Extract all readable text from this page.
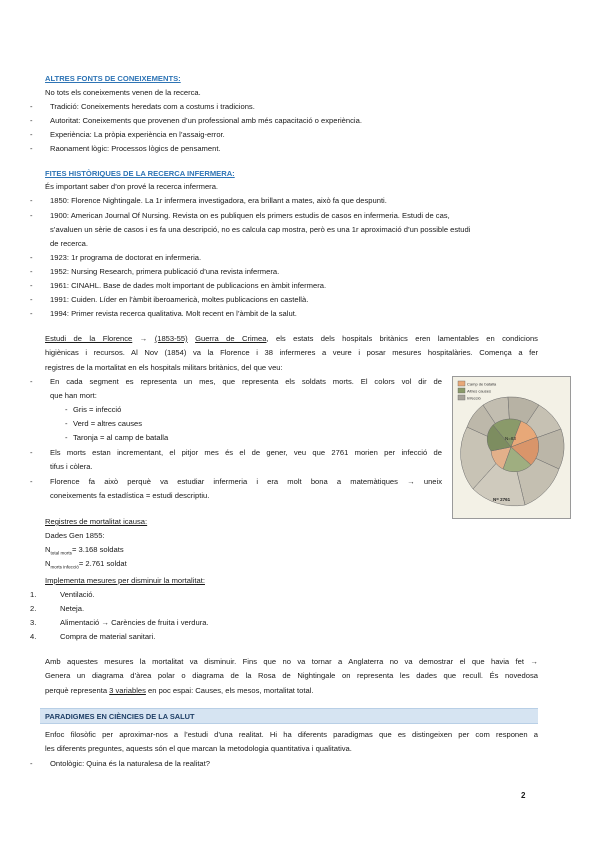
ALTRES FONTS DE CONEIXEMENTS:
No tots els coneixements venen de la recerca.
- Tradició: Coneixements heredats com a costums i tradicions.
- Autoritat: Coneixements que provenen d’un professional amb més capacitació o experiència.
- Experiència: La pròpia experiència en l’assaig-error.
- Raonament lògic: Processos lògics de pensament.
FITES HISTÒRIQUES DE LA RECERCA INFERMERA:
És important saber d’on prové la recerca infermera.
- 1850: Florence Nightingale. La 1r infermera investigadora, era brillant a mates, això fa que despunti.
- 1900: American Journal Of Nursing. Revista on es publiquen els primers estudis de casos en infermeria. Estudi de cas,
s’avaluen un sèrie de casos i es fa una descripció, no es calcula cap mostra, però es una 1r aproximació d’un possible estudi
de recerca.
- 1923: 1r programa de doctorat en infermeria.
- 1952: Nursing Research, primera publicació d’una revista infermera.
- 1961: CINAHL. Base de dades molt important de publicacions en àmbit infermera.
- 1991: Cuiden. Líder en l’àmbit iberoamericà, moltes publicacions en castellà.
- 1994: Primer revista recerca qualitativa. Molt recent en l’àmbit de la salut.

Estudi de la Florence → (1853-55) Guerra de Crimea, els estats dels hospitals britànics eren lamentables en condicions

higiènicas i recursos. Al Nov (1854) va la Florence i 38 infermeres a veure i posar mesures hospitalàries. Comença a fer

registres de la mortalitat en els hospitals militars britànics, del que veu:

- En cada segment es representa un mes, que representa els soldats morts. El colors vol dir de

que han mort:

- Gris = infecció
- Verd = altres causes
- Taronja = al camp de batalla
- Els morts estan incrementant, el pitjor mes és el de gener, veu que 2761 morien per infecció de

tifus i còlera.

- Florence fa això perquè va estudiar infermeria i era molt bona a matemàtiques → uneix

coneixements fa estadística = estudi descriptiu.

Camp de batalla
Altres causes
Infecció
N=83
N= 2761
Registres de mortalitat icausa:
Dades Gen 1855:
$N_{total morts}= 3.168$ soldats
$N_{morts infecció}= 2.761$ soldat
Implementa mesures per disminuir la mortalitat:
1.	Ventilació.
2.	Neteja.
3.	Alimentació → Carències de fruita i verdura.
4.	Compra de material sanitari.

Amb aquestes mesures la mortalitat va disminuir. Fins que no va tornar a Anglaterra no va demostrar el que havia fet →

Genera un diagrama d’àrea polar o diagrama de la Rosa de Nightingale on representa les dades que recull. És novedosa

perquè representa 3 variables en poc espai: Causes, els mesos, mortalitat total.

PARADIGMES EN CIÈNCIES DE LA SALUT

Enfoc filosòfic per aproximar-nos a l’estudi d’una realitat. Hi ha diferents paradigmas que es distingeixen per com responen a

les diferents preguntes, aquests són el que marcan la metodologia quantitativa i qualitativa.

- Ontològic: Quina és la naturalesa de la realitat?
2
